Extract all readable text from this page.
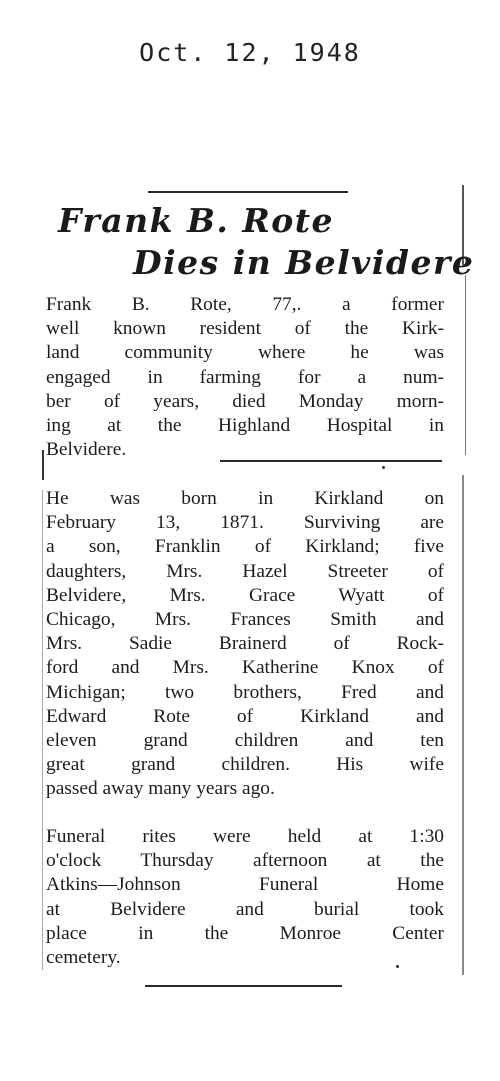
Oct. 12, 1948
Frank B. Rote
Dies in Belvidere

Frank B. Rote, 77,. a former
well known resident of the Kirk-
land community where he was
engaged in farming for a num-
ber of years, died Monday morn-
ing at the Highland Hospital in
Belvidere.

He was born in Kirkland on
February 13, 1871. Surviving are
a son, Franklin of Kirkland; five
daughters, Mrs. Hazel Streeter of
Belvidere, Mrs. Grace Wyatt of
Chicago, Mrs. Frances Smith and
Mrs. Sadie Brainerd of Rock-
ford and Mrs. Katherine Knox of
Michigan; two brothers, Fred and
Edward Rote of Kirkland and
eleven grand children and ten
great grand children. His wife
passed away many years ago.

Funeral rites were held at 1:30
o'clock Thursday afternoon at the
Atkins—Johnson Funeral Home
at Belvidere and burial took
place in the Monroe Center
cemetery.
